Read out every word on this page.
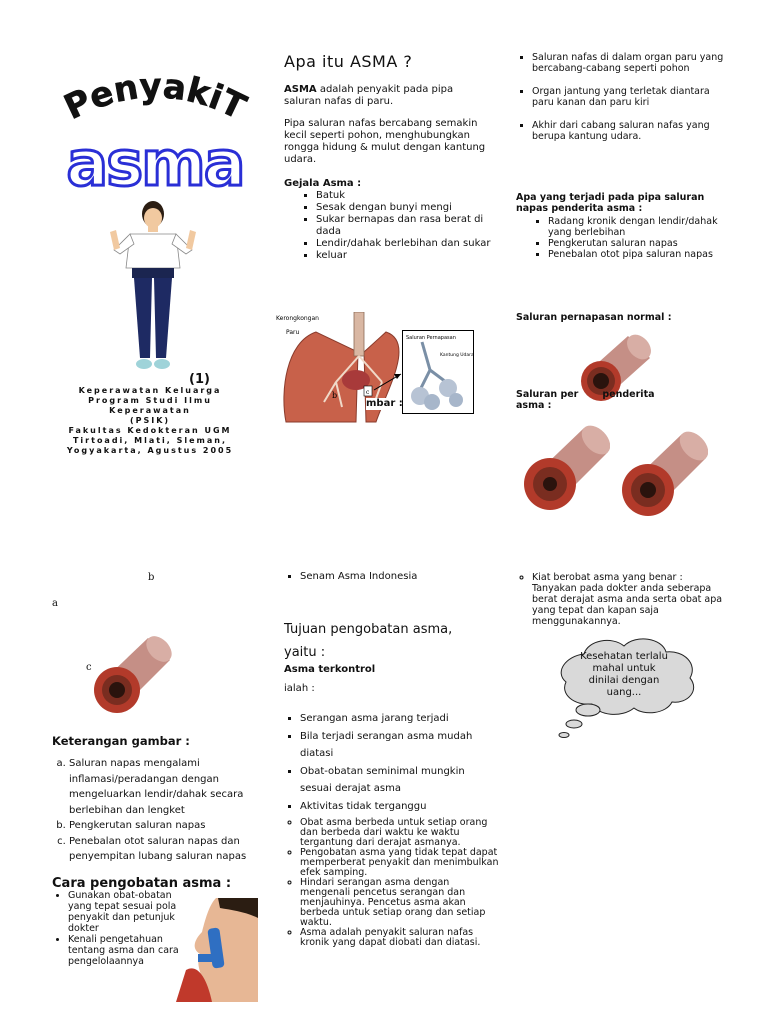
PenyakiT
asma
(1)
Keperawatan Keluarga
Program Studi Ilmu Keperawatan
(PSIK)
Fakultas Kedokteran UGM
Tirtoadi, Mlati, Sleman,
Yogyakarta, Agustus 2005
Apa itu ASMA ?
ASMA adalah penyakit pada pipa saluran nafas di paru.
Pipa saluran nafas bercabang semakin kecil seperti pohon, menghubungkan rongga hidung & mulut dengan kantung udara.
Gejala Asma :
▪ Batuk
▪ Sesak dengan bunyi mengi
▪ Sukar bernapas dan rasa berat di dada
▪ Lendir/dahak berlebihan dan sukar
▪ keluar
Kerongkongan
Paru
b	c
mbar :
Saluran Pernapasan
Kantung Udara
▪ Saluran nafas di dalam organ paru yang bercabang-cabang seperti pohon
▪ Organ jantung yang terletak diantara paru kanan dan paru kiri
▪ Akhir dari cabang saluran nafas yang berupa kantung udara.
Apa yang terjadi pada pipa saluran napas penderita asma :
▪ Radang kronik dengan lendir/dahak yang berlebihan
▪ Pengkerutan saluran napas
▪ Penebalan otot pipa saluran napas
Saluran pernapasan normal :
Saluran per	penderita
asma :
b
a
c
Keterangan gambar :
a. Saluran napas mengalami inflamasi/peradangan dengan mengeluarkan lendir/dahak secara berlebihan dan lengket
b. Pengkerutan saluran napas
c. Penebalan otot saluran napas dan penyempitan lubang saluran napas
Cara pengobatan asma :
• Gunakan obat-obatan yang tepat sesuai pola penyakit dan petunjuk dokter
• Kenali pengetahuan tentang asma dan cara pengelolaannya
▪ Senam Asma Indonesia
Tujuan pengobatan asma, yaitu :
Asma terkontrol
ialah :
▪ Serangan asma jarang terjadi
▪ Bila terjadi serangan asma mudah diatasi
▪ Obat-obatan seminimal mungkin sesuai derajat asma
▪ Aktivitas tidak terganggu
◦ Obat asma berbeda untuk setiap orang dan berbeda dari waktu ke waktu tergantung dari derajat asmanya.
◦ Pengobatan asma yang tidak tepat dapat memperberat penyakit dan menimbulkan efek samping.
◦ Hindari serangan asma dengan mengenali pencetus serangan dan menjauhinya. Pencetus asma akan berbeda untuk setiap orang dan setiap waktu.
◦ Asma adalah penyakit saluran nafas kronik yang dapat diobati dan diatasi.
◦ Kiat berobat asma yang benar : Tanyakan pada dokter anda seberapa berat derajat asma anda serta obat apa yang tepat dan kapan saja menggunakannya.
Kesehatan terlalu mahal untuk dinilai dengan uang...
